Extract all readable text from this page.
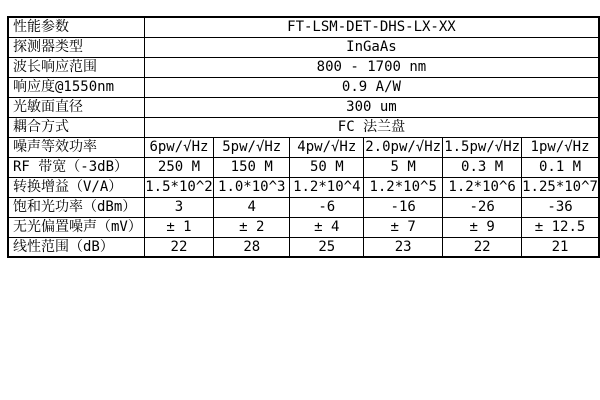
性能参数	FT-LSM-DET-DHS-LX-XX					
探测器类型	InGaAs					
波长响应范围	800 - 1700 nm					
响应度@1550nm	0.9 A/W					
光敏面直径	300 um					
耦合方式	FC 法兰盘					
噪声等效功率	6pw/√Hz	5pw/√Hz	4pw/√Hz	2.0pw/√Hz	1.5pw/√Hz	1pw/√Hz
RF 带宽（-3dB）	250 M	150 M	50 M	5 M	0.3 M	0.1 M
转换增益（V/A）	1.5*10^2	1.0*10^3	1.2*10^4	1.2*10^5	1.2*10^6	1.25*10^7
饱和光功率（dBm）	3	4	-6	-16	-26	-36
无光偏置噪声（mV）	± 1	± 2	± 4	± 7	± 9	± 12.5
线性范围（dB）	22	28	25	23	22	21
